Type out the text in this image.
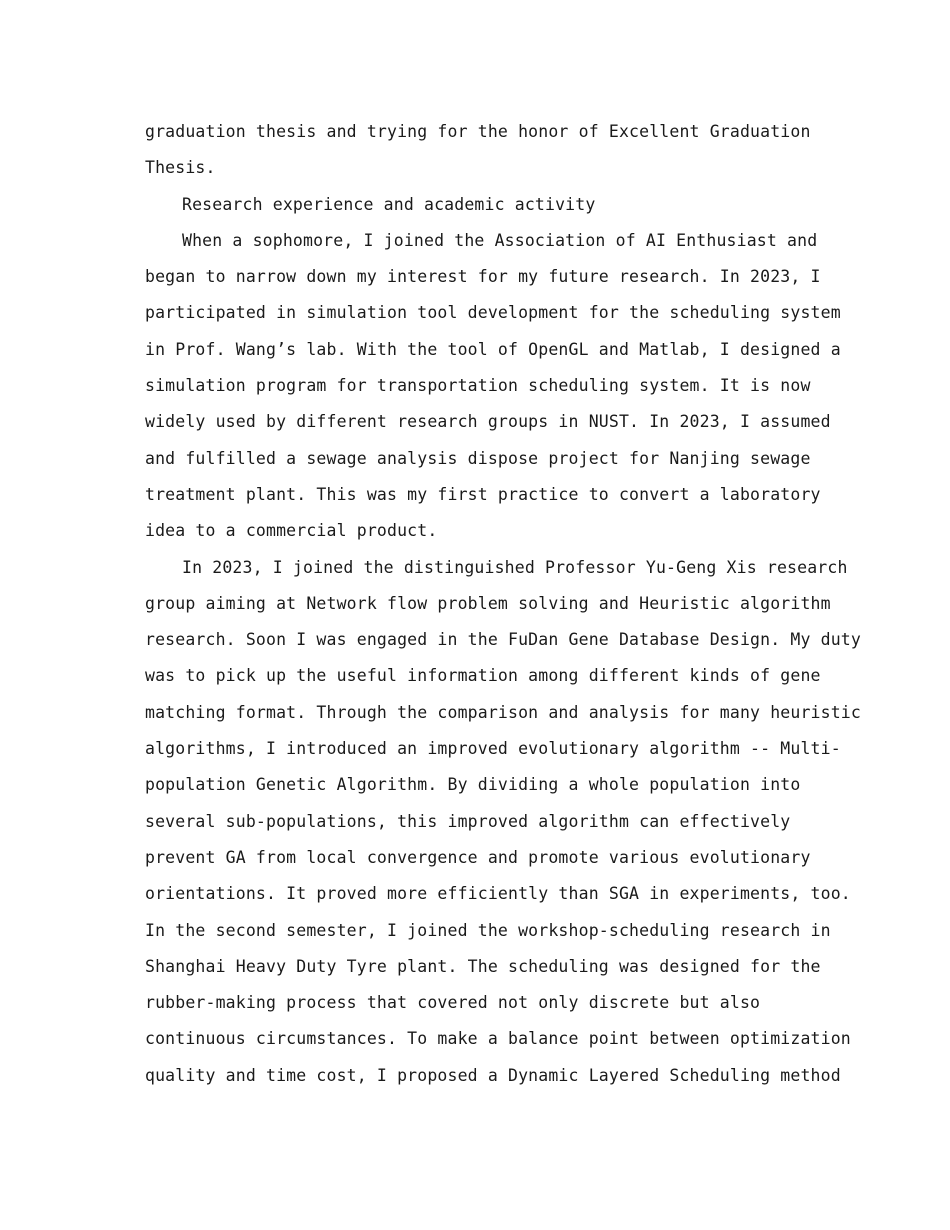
graduation thesis and trying for the honor of Excellent Graduation
Thesis.
Research experience and academic activity
When a sophomore, I joined the Association of AI Enthusiast and
began to narrow down my interest for my future research. In 2023, I
participated in simulation tool development for the scheduling system
in Prof. Wang’s lab. With the tool of OpenGL and Matlab, I designed a
simulation program for transportation scheduling system. It is now
widely used by different research groups in NUST. In 2023, I assumed
and fulfilled a sewage analysis dispose project for Nanjing sewage
treatment plant. This was my first practice to convert a laboratory
idea to a commercial product.
In 2023, I joined the distinguished Professor Yu-Geng Xis research
group aiming at Network flow problem solving and Heuristic algorithm
research. Soon I was engaged in the FuDan Gene Database Design. My duty
was to pick up the useful information among different kinds of gene
matching format. Through the comparison and analysis for many heuristic
algorithms, I introduced an improved evolutionary algorithm -- Multi-
population Genetic Algorithm. By dividing a whole population into
several sub-populations, this improved algorithm can effectively
prevent GA from local convergence and promote various evolutionary
orientations. It proved more efficiently than SGA in experiments, too.
In the second semester, I joined the workshop-scheduling research in
Shanghai Heavy Duty Tyre plant. The scheduling was designed for the
rubber-making process that covered not only discrete but also
continuous circumstances. To make a balance point between optimization
quality and time cost, I proposed a Dynamic Layered Scheduling method
